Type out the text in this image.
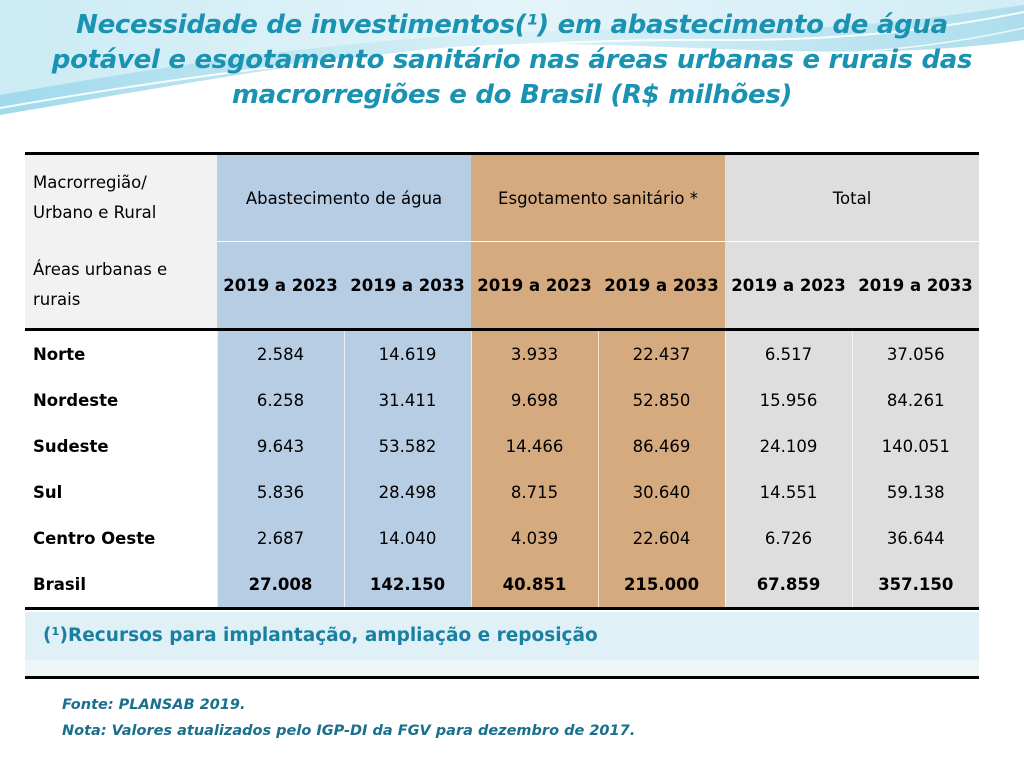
Necessidade de investimentos(¹) em abastecimento de água
potável e esgotamento sanitário nas áreas urbanas e rurais das
macrorregiões e do Brasil (R$ milhões)
Macrorregião/
Urbano e Rural	Abastecimento de água		Esgotamento sanitário *		Total	

Áreas urbanas e
rurais	2019 a 2023	2019 a 2033	2019 a 2023	2019 a 2033	2019 a 2023	2019 a 2033
Norte	2.584	14.619	3.933	22.437	6.517	37.056
Nordeste	6.258	31.411	9.698	52.850	15.956	84.261
Sudeste	9.643	53.582	14.466	86.469	24.109	140.051
Sul	5.836	28.498	8.715	30.640	14.551	59.138
Centro Oeste	2.687	14.040	4.039	22.604	6.726	36.644
Brasil	27.008	142.150	40.851	215.000	67.859	357.150
(¹)Recursos para implantação, ampliação e reposição
Fonte: PLANSAB 2019.
Nota: Valores atualizados pelo IGP-DI da FGV para dezembro de 2017.
